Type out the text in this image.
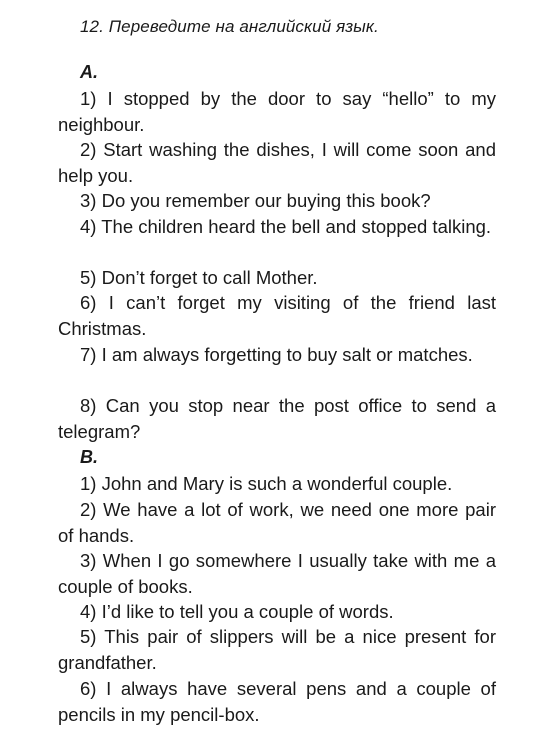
12. Переведите на английский язык.
A.
1) I stopped by the door to say “hello” to my neighbour.
2) Start washing the dishes, I will come soon and help you.
3) Do you remember our buying this book?
4) The children heard the bell and stopped talking.
5) Don’t forget to call Mother.
6) I can’t forget my visiting of the friend last Christmas.
7) I am always forgetting to buy salt or matches.
8) Can you stop near the post office to send a telegram?
B.
1) John and Mary is such a wonderful couple.
2) We have a lot of work, we need one more pair of hands.
3) When I go somewhere I usually take with me a couple of books.
4) I’d like to tell you a couple of words.
5) This pair of slippers will be a nice present for grandfather.
6) I always have several pens and a couple of pencils in my pencil-box.
